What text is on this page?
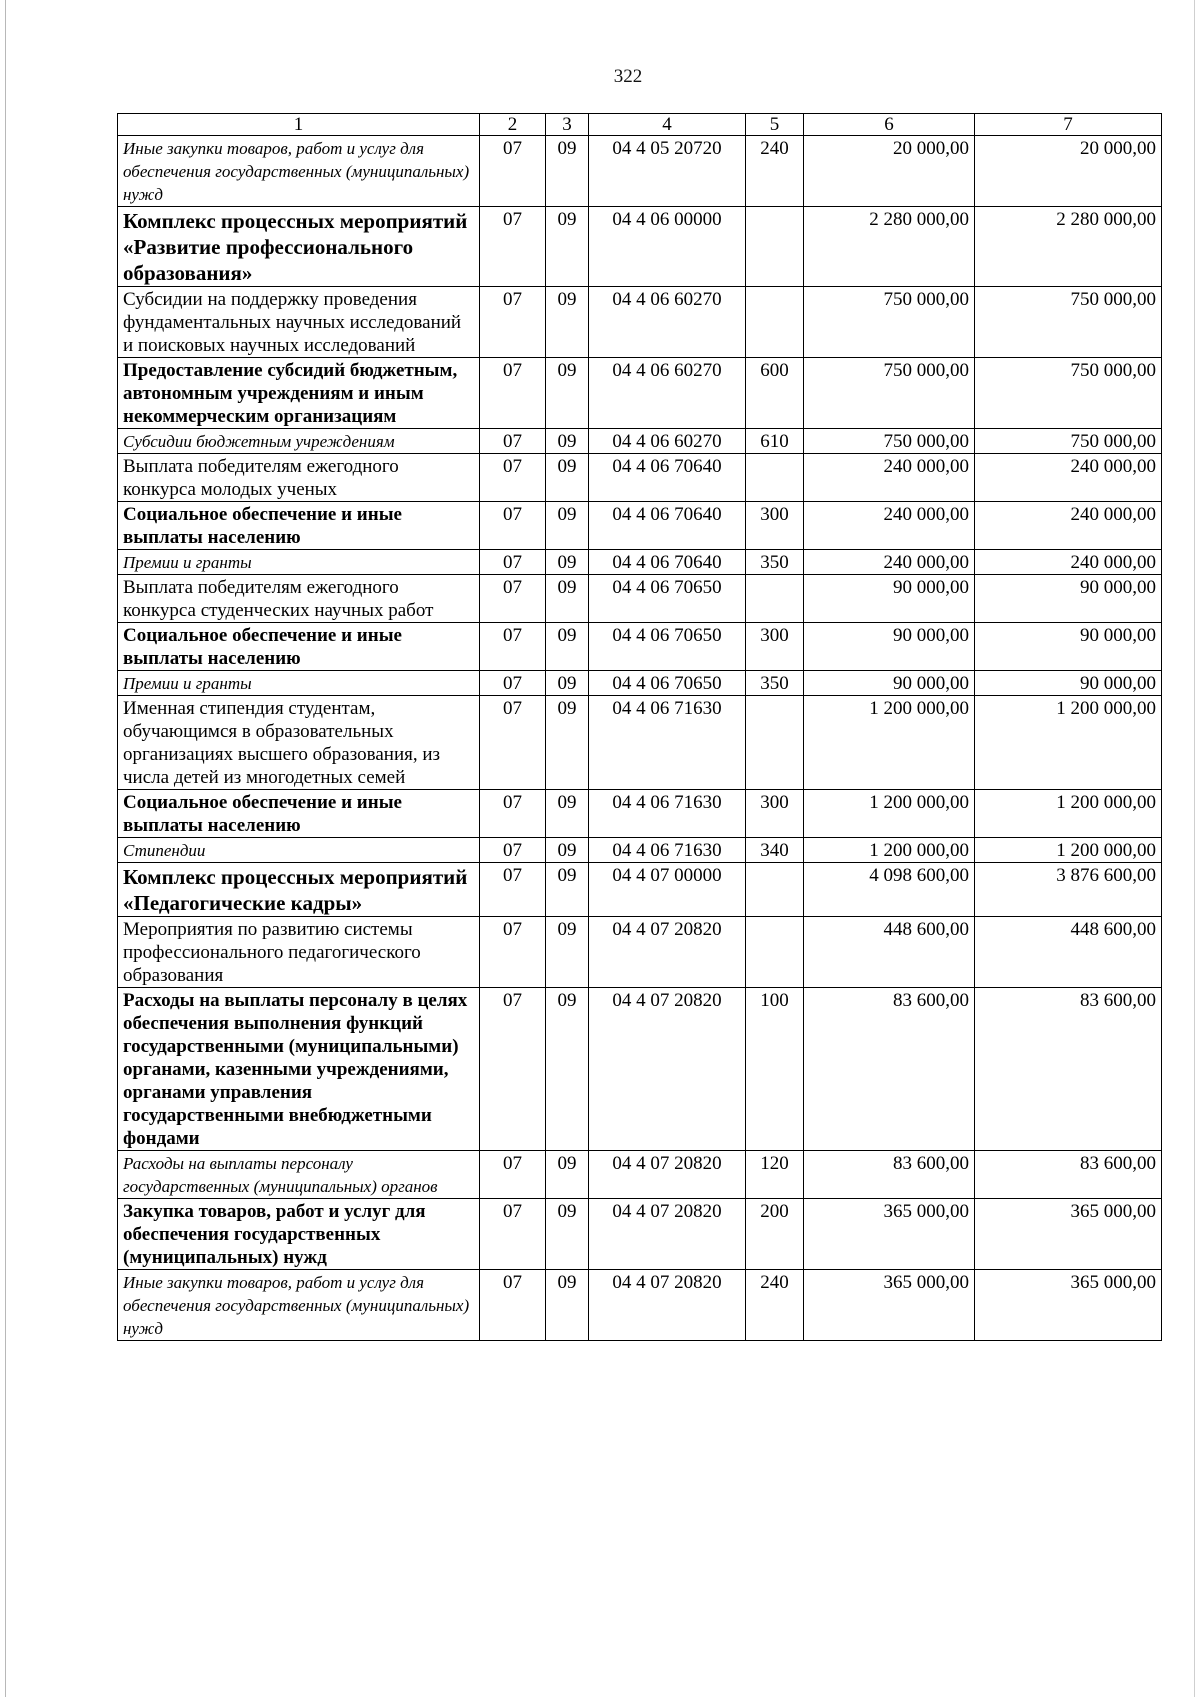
322
1	2	3	4	5	6	7
Иные закупки товаров, работ и услуг для обеспечения государственных (муниципальных) нужд	07	09	04 4 05 20720	240	20 000,00	20 000,00
Комплекс процессных мероприятий «Развитие профессионального образования»	07	09	04 4 06 00000		2 280 000,00	2 280 000,00
Субсидии на поддержку проведения фундаментальных научных исследований и поисковых научных исследований	07	09	04 4 06 60270		750 000,00	750 000,00
Предоставление субсидий бюджетным, автономным учреждениям и иным некоммерческим организациям	07	09	04 4 06 60270	600	750 000,00	750 000,00
Субсидии бюджетным учреждениям	07	09	04 4 06 60270	610	750 000,00	750 000,00
Выплата победителям ежегодного конкурса молодых ученых	07	09	04 4 06 70640		240 000,00	240 000,00
Социальное обеспечение и иные выплаты населению	07	09	04 4 06 70640	300	240 000,00	240 000,00
Премии и гранты	07	09	04 4 06 70640	350	240 000,00	240 000,00
Выплата победителям ежегодного конкурса студенческих научных работ	07	09	04 4 06 70650		90 000,00	90 000,00
Социальное обеспечение и иные выплаты населению	07	09	04 4 06 70650	300	90 000,00	90 000,00
Премии и гранты	07	09	04 4 06 70650	350	90 000,00	90 000,00
Именная стипендия студентам, обучающимся в образовательных организациях высшего образования, из числа детей из многодетных семей	07	09	04 4 06 71630		1 200 000,00	1 200 000,00
Социальное обеспечение и иные выплаты населению	07	09	04 4 06 71630	300	1 200 000,00	1 200 000,00
Стипендии	07	09	04 4 06 71630	340	1 200 000,00	1 200 000,00
Комплекс процессных мероприятий «Педагогические кадры»	07	09	04 4 07 00000		4 098 600,00	3 876 600,00
Мероприятия по развитию системы профессионального педагогического образования	07	09	04 4 07 20820		448 600,00	448 600,00
Расходы на выплаты персоналу в целях обеспечения выполнения функций государственными (муниципальными) органами, казенными учреждениями, органами управления государственными внебюджетными фондами	07	09	04 4 07 20820	100	83 600,00	83 600,00
Расходы на выплаты персоналу государственных (муниципальных) органов	07	09	04 4 07 20820	120	83 600,00	83 600,00
Закупка товаров, работ и услуг для обеспечения государственных (муниципальных) нужд	07	09	04 4 07 20820	200	365 000,00	365 000,00
Иные закупки товаров, работ и услуг для обеспечения государственных (муниципальных) нужд	07	09	04 4 07 20820	240	365 000,00	365 000,00
